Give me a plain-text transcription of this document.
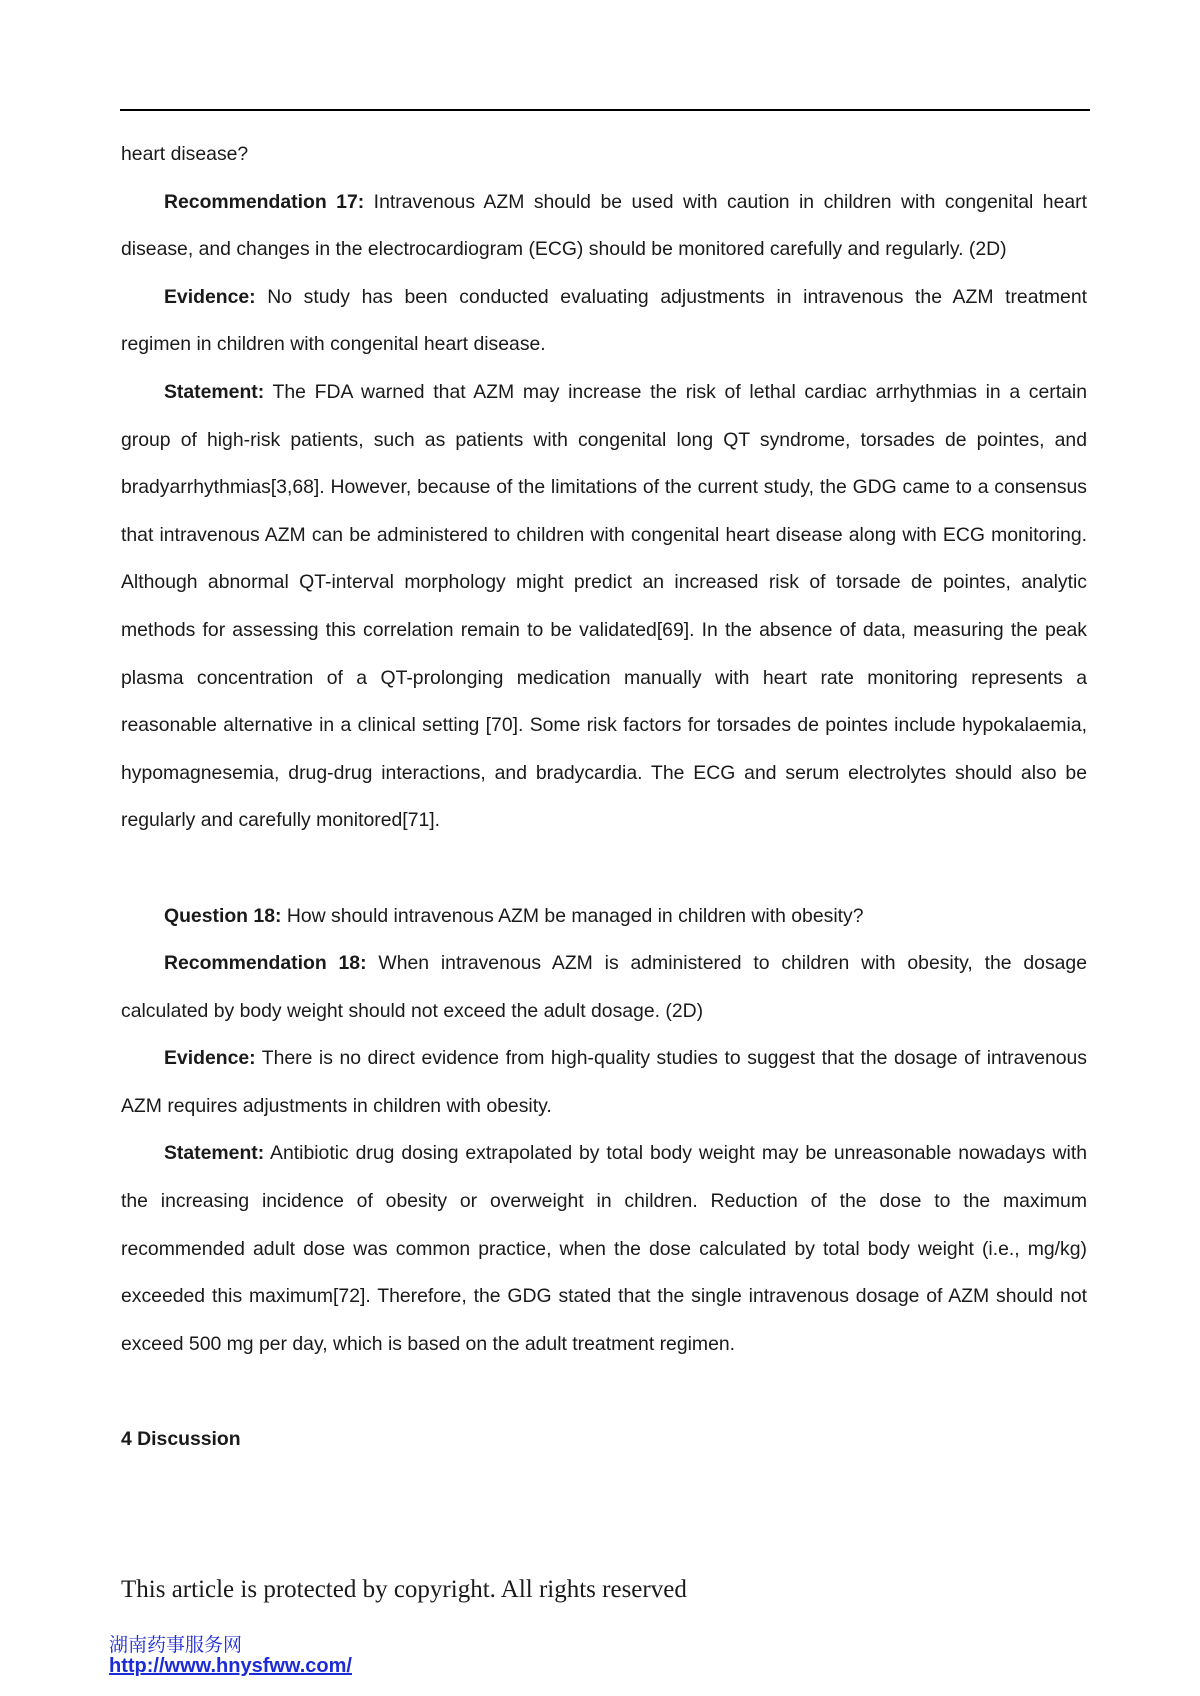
heart disease?

Recommendation 17: Intravenous AZM should be used with caution in children with congenital heart disease, and changes in the electrocardiogram (ECG) should be monitored carefully and regularly. (2D)

Evidence: No study has been conducted evaluating adjustments in intravenous the AZM treatment regimen in children with congenital heart disease.

Statement: The FDA warned that AZM may increase the risk of lethal cardiac arrhythmias in a certain group of high-risk patients, such as patients with congenital long QT syndrome, torsades de pointes, and bradyarrhythmias[3,68]. However, because of the limitations of the current study, the GDG came to a consensus that intravenous AZM can be administered to children with congenital heart disease along with ECG monitoring. Although abnormal QT-interval morphology might predict an increased risk of torsade de pointes, analytic methods for assessing this correlation remain to be validated[69]. In the absence of data, measuring the peak plasma concentration of a QT-prolonging medication manually with heart rate monitoring represents a reasonable alternative in a clinical setting [70]. Some risk factors for torsades de pointes include hypokalaemia, hypomagnesemia, drug-drug interactions, and bradycardia. The ECG and serum electrolytes should also be regularly and carefully monitored[71].

Question 18: How should intravenous AZM be managed in children with obesity?

Recommendation 18: When intravenous AZM is administered to children with obesity, the dosage calculated by body weight should not exceed the adult dosage. (2D)

Evidence: There is no direct evidence from high-quality studies to suggest that the dosage of intravenous AZM requires adjustments in children with obesity.

Statement: Antibiotic drug dosing extrapolated by total body weight may be unreasonable nowadays with the increasing incidence of obesity or overweight in children. Reduction of the dose to the maximum recommended adult dose was common practice, when the dose calculated by total body weight (i.e., mg/kg) exceeded this maximum[72]. Therefore, the GDG stated that the single intravenous dosage of AZM should not exceed 500 mg per day, which is based on the adult treatment regimen.

4 Discussion

This article is protected by copyright. All rights reserved
湖南药事服务网
http://www.hnysfww.com/
